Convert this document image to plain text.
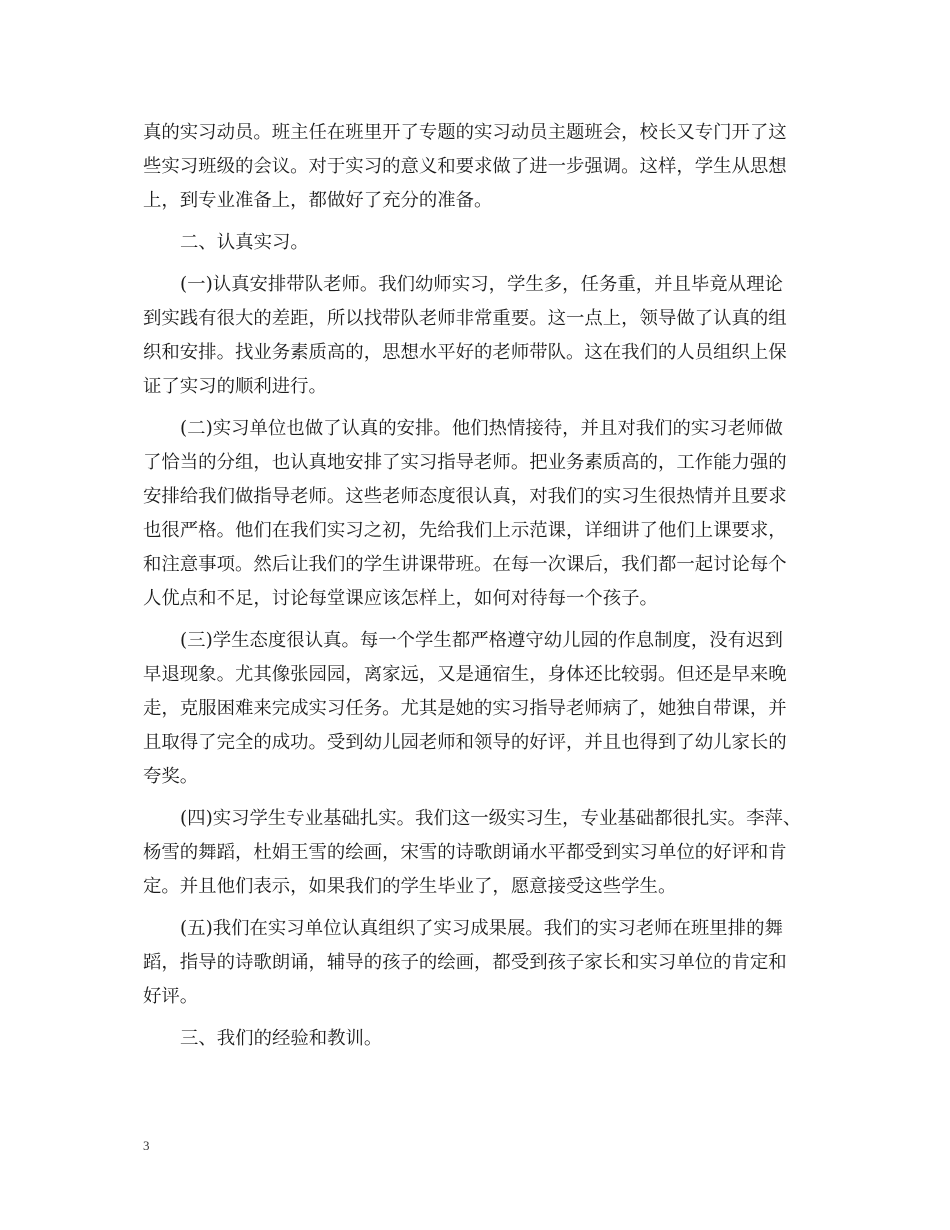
真的实习动员。班主任在班里开了专题的实习动员主题班会，校长又专门开了这
些实习班级的会议。对于实习的意义和要求做了进一步强调。这样，学生从思想
上，到专业准备上，都做好了充分的准备。
二、认真实习。
(一)认真安排带队老师。我们幼师实习，学生多，任务重，并且毕竟从理论
到实践有很大的差距，所以找带队老师非常重要。这一点上，领导做了认真的组
织和安排。找业务素质高的，思想水平好的老师带队。这在我们的人员组织上保
证了实习的顺利进行。
(二)实习单位也做了认真的安排。他们热情接待，并且对我们的实习老师做
了恰当的分组，也认真地安排了实习指导老师。把业务素质高的，工作能力强的
安排给我们做指导老师。这些老师态度很认真，对我们的实习生很热情并且要求
也很严格。他们在我们实习之初，先给我们上示范课，详细讲了他们上课要求，
和注意事项。然后让我们的学生讲课带班。在每一次课后，我们都一起讨论每个
人优点和不足，讨论每堂课应该怎样上，如何对待每一个孩子。
(三)学生态度很认真。每一个学生都严格遵守幼儿园的作息制度，没有迟到
早退现象。尤其像张园园，离家远，又是通宿生，身体还比较弱。但还是早来晚
走，克服困难来完成实习任务。尤其是她的实习指导老师病了，她独自带课，并
且取得了完全的成功。受到幼儿园老师和领导的好评，并且也得到了幼儿家长的
夸奖。
(四)实习学生专业基础扎实。我们这一级实习生，专业基础都很扎实。李萍、
杨雪的舞蹈，杜娟王雪的绘画，宋雪的诗歌朗诵水平都受到实习单位的好评和肯
定。并且他们表示，如果我们的学生毕业了，愿意接受这些学生。
(五)我们在实习单位认真组织了实习成果展。我们的实习老师在班里排的舞
蹈，指导的诗歌朗诵，辅导的孩子的绘画，都受到孩子家长和实习单位的肯定和
好评。
三、我们的经验和教训。
3
